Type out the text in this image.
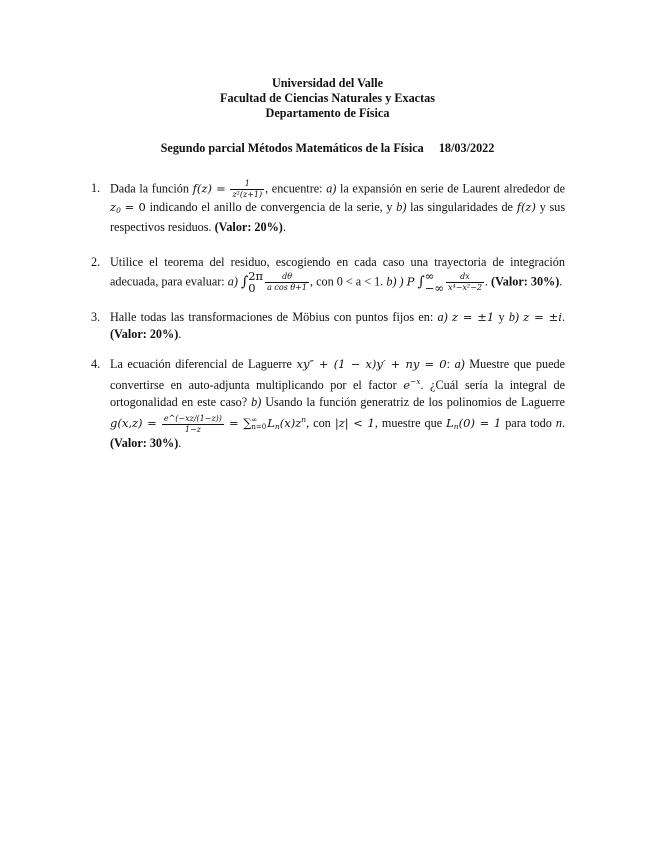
Universidad del Valle
Facultad de Ciencias Naturales y Exactas
Departamento de Física
Segundo parcial Métodos Matemáticos de la Física 18/03/2022
1. Dada la función $f(z) = \frac{1}{\text{z²(z+1)}}$ , encuentre: a) la expansión en serie de Laurent alrededor de $z_0 = 0$ indicando el anillo de convergencia de la serie, y b) las singularidades de f(z) y sus respectivos residuos. (Valor: 20%).
2. Utilice el teorema del residuo, escogiendo en cada caso una trayectoria de integración adecuada, para evaluar: a) ∫ 2π
0	$\frac{d\theta}{\text{a cos θ+1}}$ , con 0 < a < 1. b) ) P ∫ ∞
−∞ $\frac{dx}{\text{x⁴−x²−2}}$ . (Valor: 30%).
3. Halle todas las transformaciones de Möbius con puntos fijos en: a) z = ±1 y b) z = ±i. (Valor: 20%).
4. La ecuación diferencial de Laguerre xy″ + (1 − x)y′ + ny = 0: a) Muestre que puede convertirse en auto-adjunta multiplicando por el factor $e^{-x}$. ¿Cuál sería la integral de ortogonalidad en este caso? b) Usando la función generatriz de los polinomios de Laguerre $g(x,z) = \frac{e\^{}(-xz/(1-z))}{1-z}$ = ∑ ∞
n=0 $L_n(x)z^n$, con |z| < 1, muestre que $L_n(0) = 1$ para todo n. (Valor: 30%).
